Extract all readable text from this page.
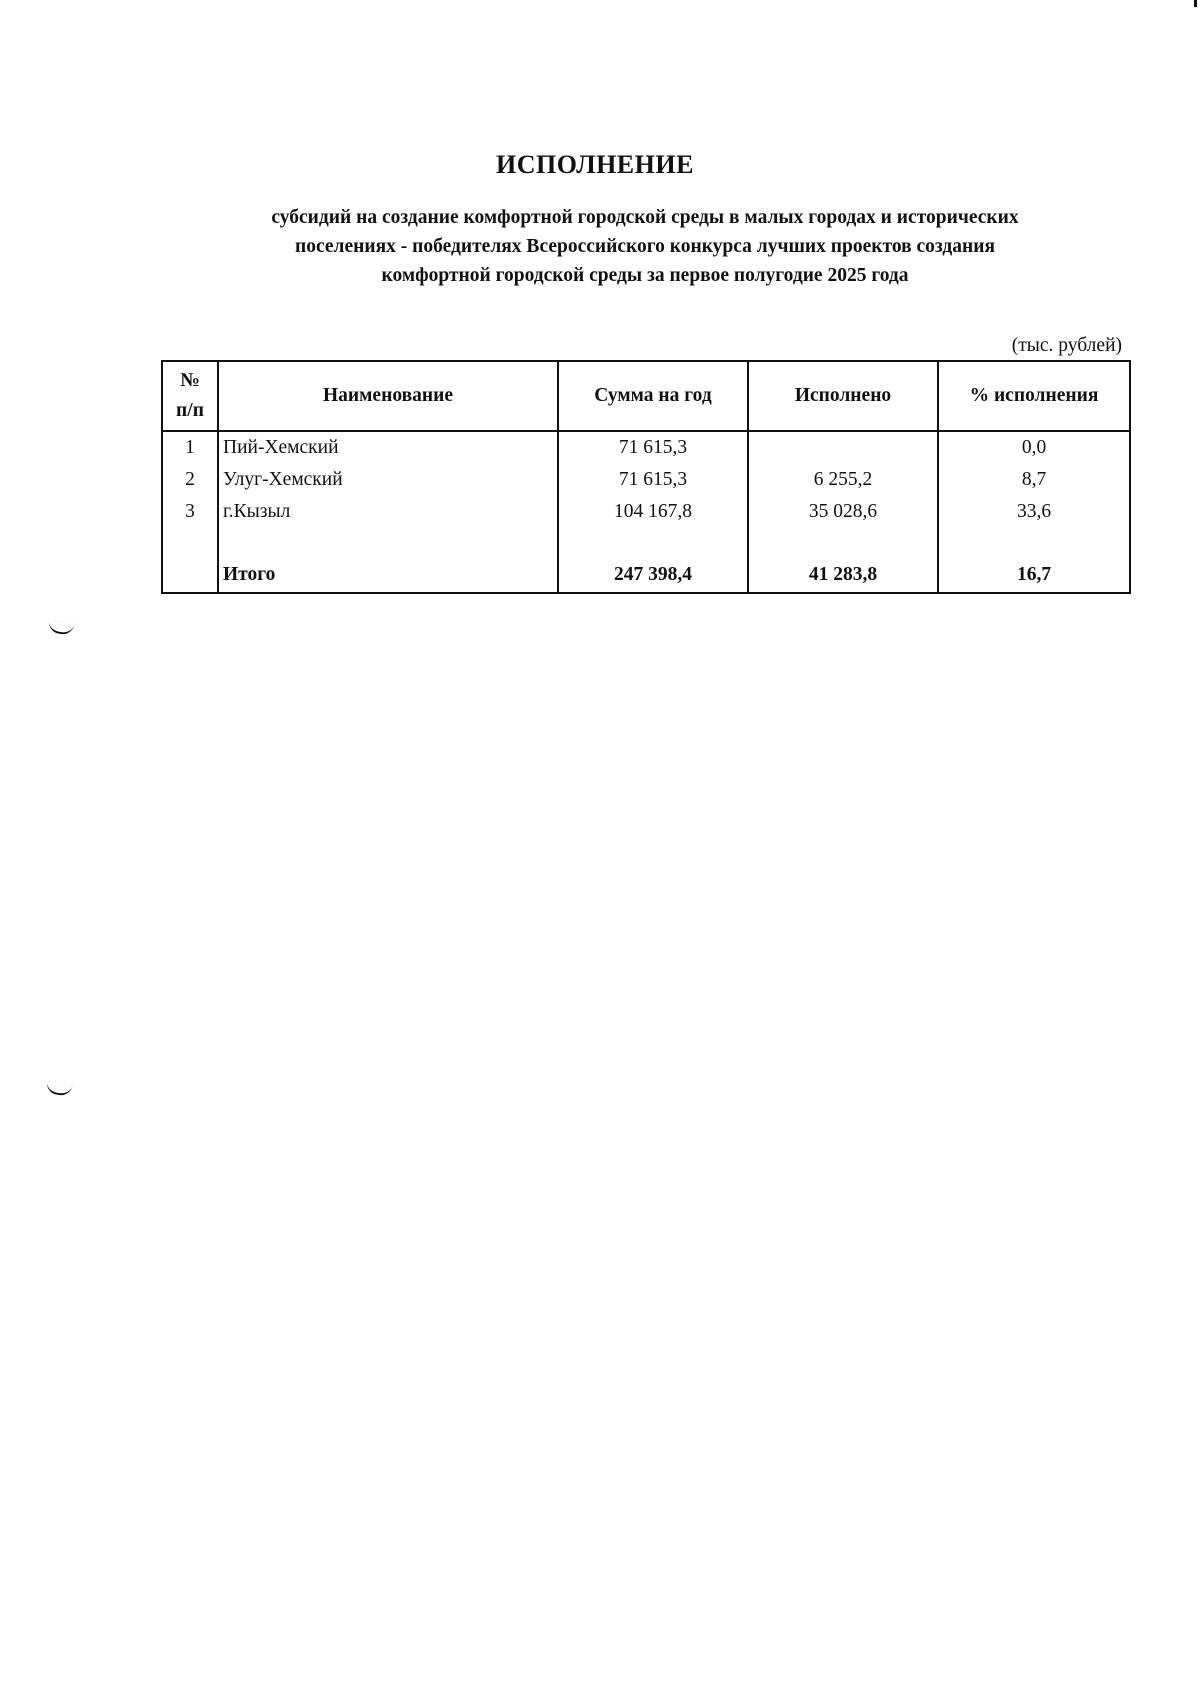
ИСПОЛНЕНИЕ
субсидий на создание комфортной городской среды в малых городах и исторических
поселениях - победителях Всероссийского конкурса лучших проектов создания
комфортной городской среды за первое полугодие 2025 года
(тыс. рублей)
№
п/п	Наименование	Сумма на год	Исполнено	% исполнения
1	Пий-Хемский	71 615,3		0,0
2	Улуг-Хемский	71 615,3	6 255,2	8,7
3	г.Кызыл	104 167,8	35 028,6	33,6

	Итого	247 398,4	41 283,8	16,7
